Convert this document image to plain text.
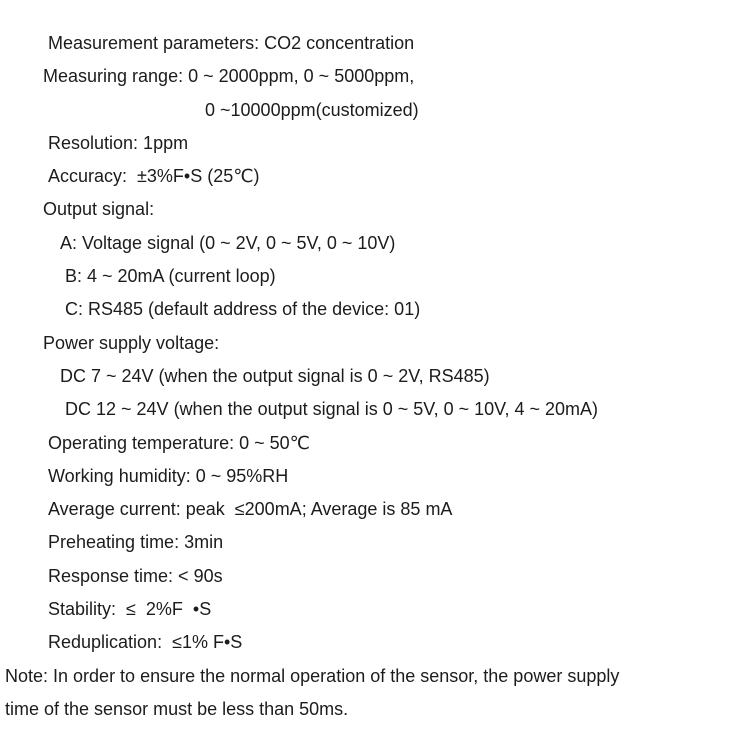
Measurement parameters: CO2 concentration
Measuring range: 0 ~ 2000ppm, 0 ~ 5000ppm,
0 ~10000ppm(customized)
Resolution: 1ppm
Accuracy:  ±3%F•S (25℃)
Output signal:
A: Voltage signal (0 ~ 2V, 0 ~ 5V, 0 ~ 10V)
B: 4 ~ 20mA (current loop)
C: RS485 (default address of the device: 01)
Power supply voltage:
DC 7 ~ 24V (when the output signal is 0 ~ 2V, RS485)
DC 12 ~ 24V (when the output signal is 0 ~ 5V, 0 ~ 10V, 4 ~ 20mA)
Operating temperature: 0 ~ 50℃
Working humidity: 0 ~ 95%RH
Average current: peak  ≤200mA; Average is 85 mA
Preheating time: 3min
Response time: < 90s
Stability:  ≤  2%F  •S
Reduplication:  ≤1% F•S
Note: In order to ensure the normal operation of the sensor, the power supply
time of the sensor must be less than 50ms.
